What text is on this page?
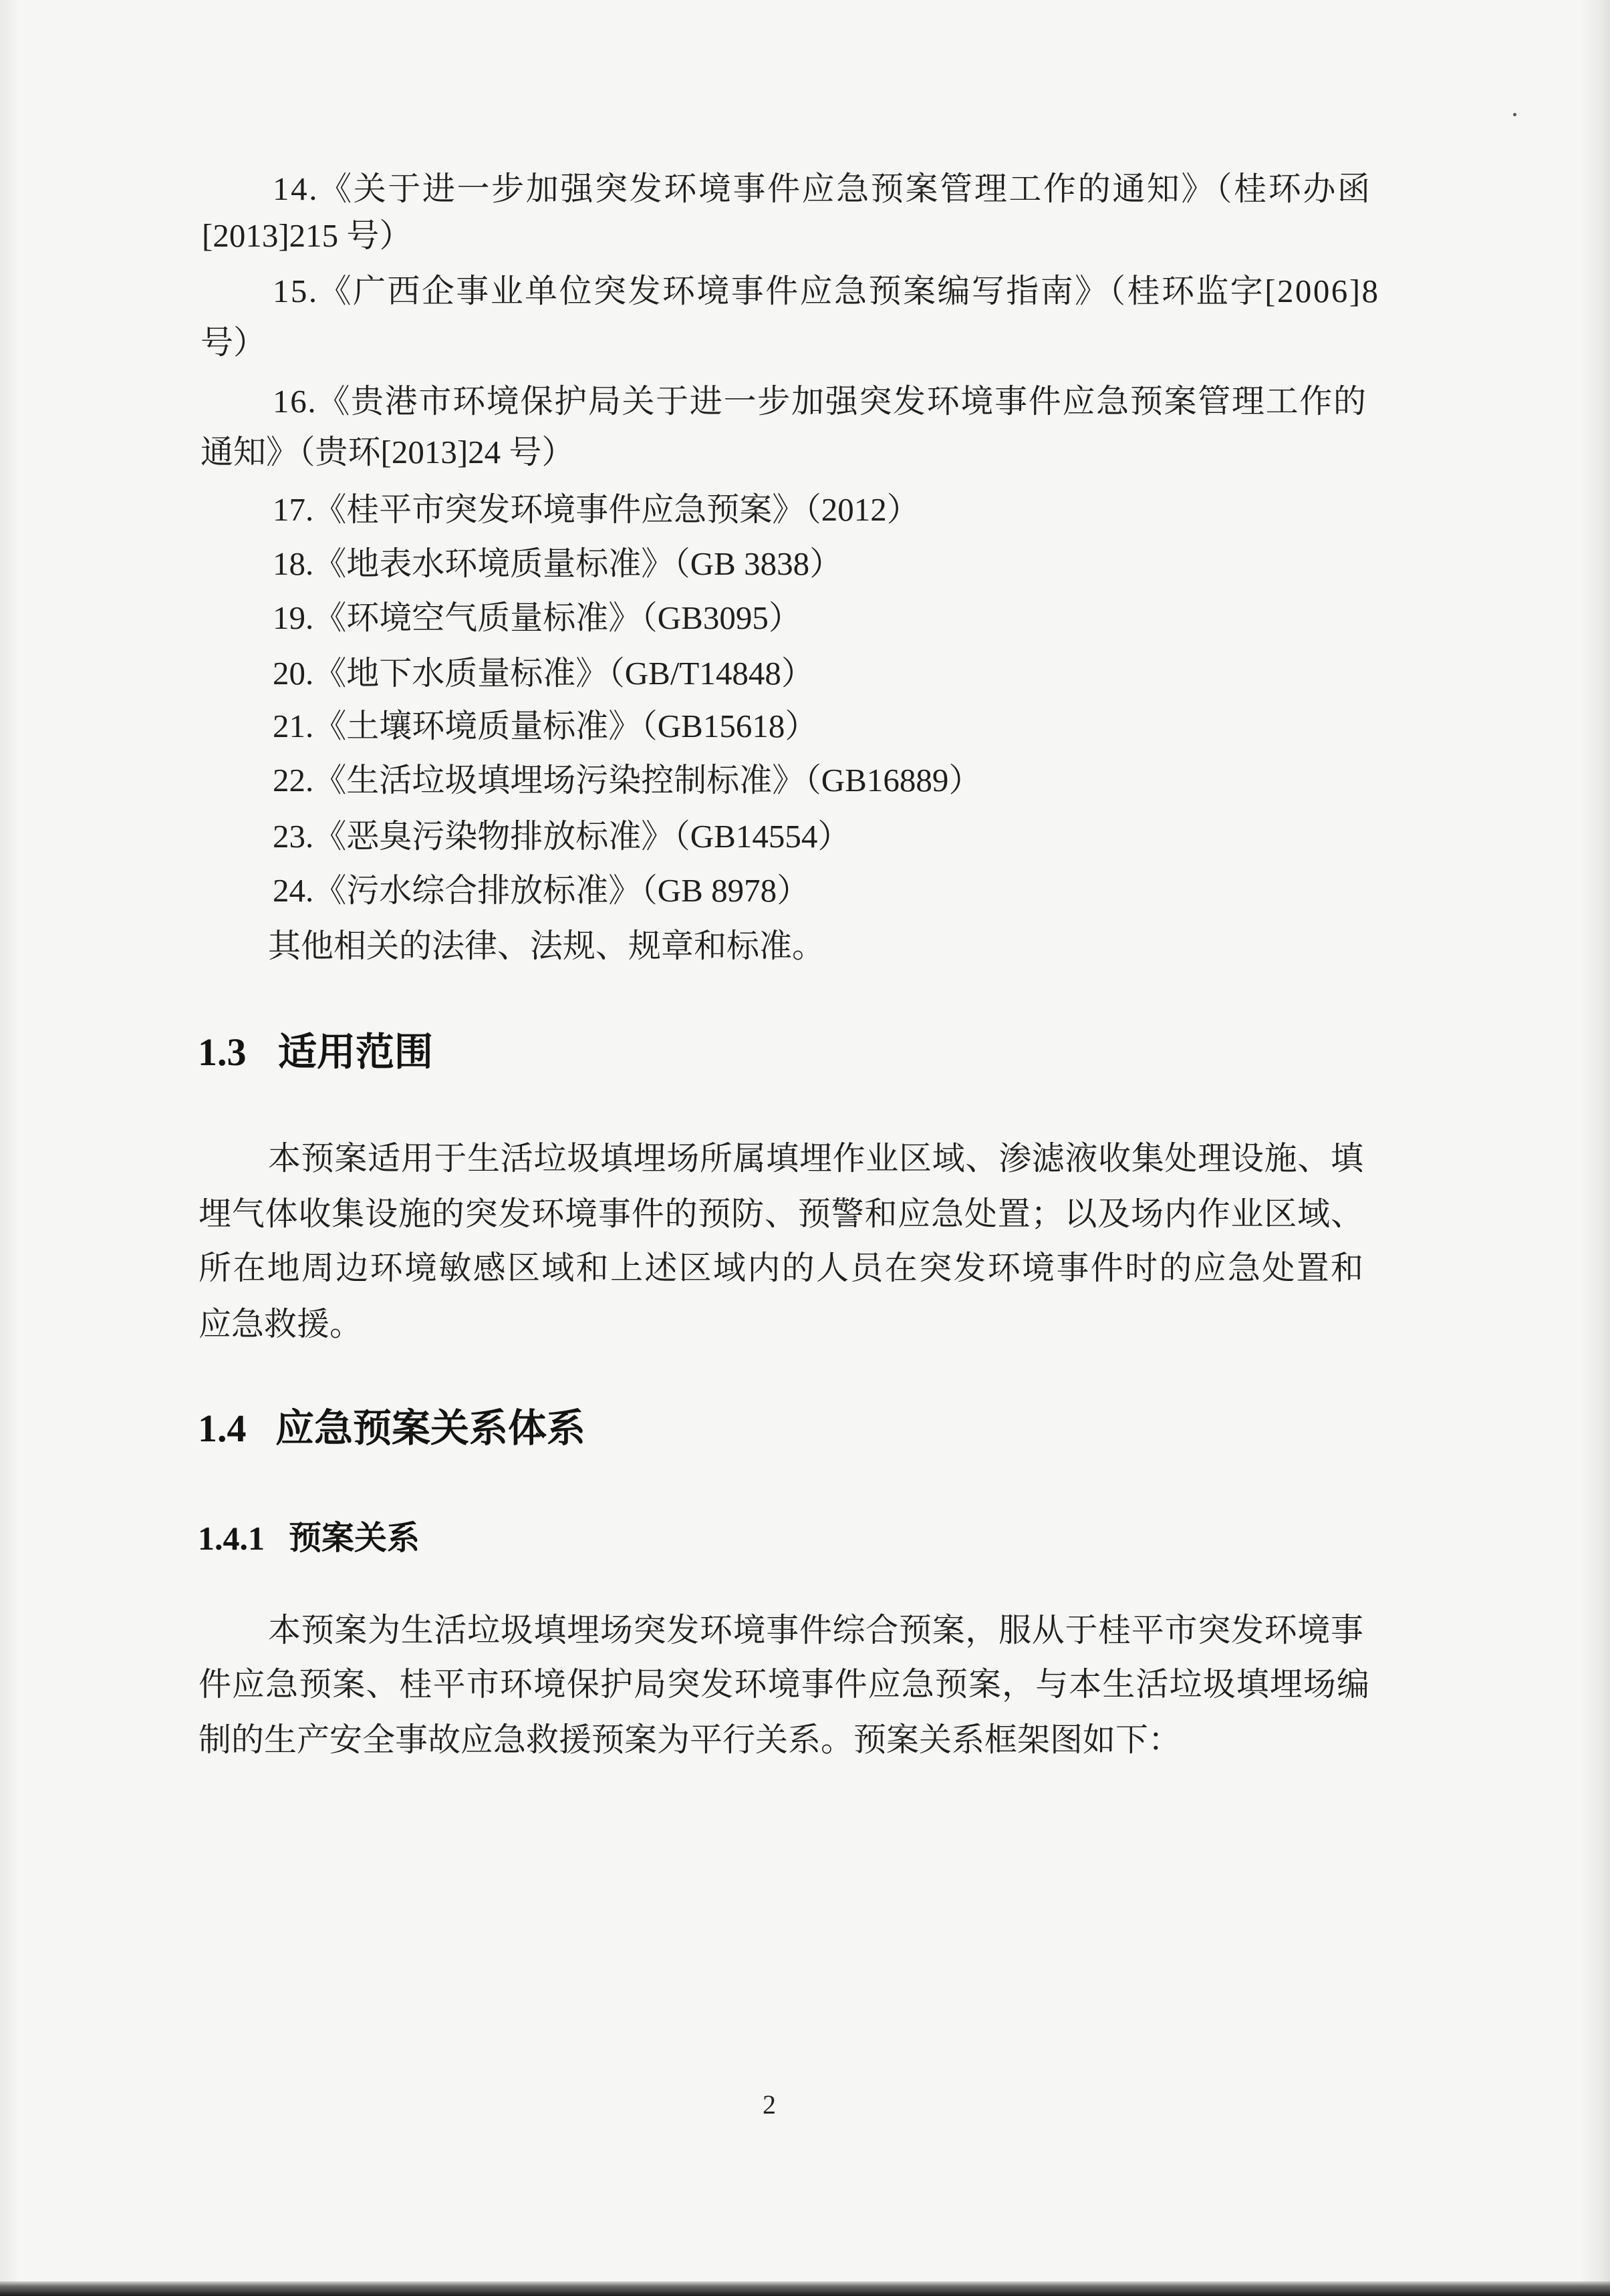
14.《关于进一步加强突发环境事件应急预案管理工作的通知》（桂环办函
[2013]215 号）
15.《广西企事业单位突发环境事件应急预案编写指南》（桂环监字[2006]8
号）
16.《贵港市环境保护局关于进一步加强突发环境事件应急预案管理工作的
通知》（贵环[2013]24 号）
17.《桂平市突发环境事件应急预案》（2012）
18.《地表水环境质量标准》（GB 3838）
19.《环境空气质量标准》（GB3095）
20.《地下水质量标准》（GB/T14848）
21.《土壤环境质量标准》（GB15618）
22.《生活垃圾填埋场污染控制标准》（GB16889）
23.《恶臭污染物排放标准》（GB14554）
24.《污水综合排放标准》（GB 8978）
其他相关的法律、法规、规章和标准。
1.3 适用范围
本预案适用于生活垃圾填埋场所属填埋作业区域、渗滤液收集处理设施、填
埋气体收集设施的突发环境事件的预防、预警和应急处置；以及场内作业区域、
所在地周边环境敏感区域和上述区域内的人员在突发环境事件时的应急处置和
应急救援。
1.4 应急预案关系体系
1.4.1 预案关系
本预案为生活垃圾填埋场突发环境事件综合预案，服从于桂平市突发环境事
件应急预案、桂平市环境保护局突发环境事件应急预案，与本生活垃圾填埋场编
制的生产安全事故应急救援预案为平行关系。预案关系框架图如下：
2
